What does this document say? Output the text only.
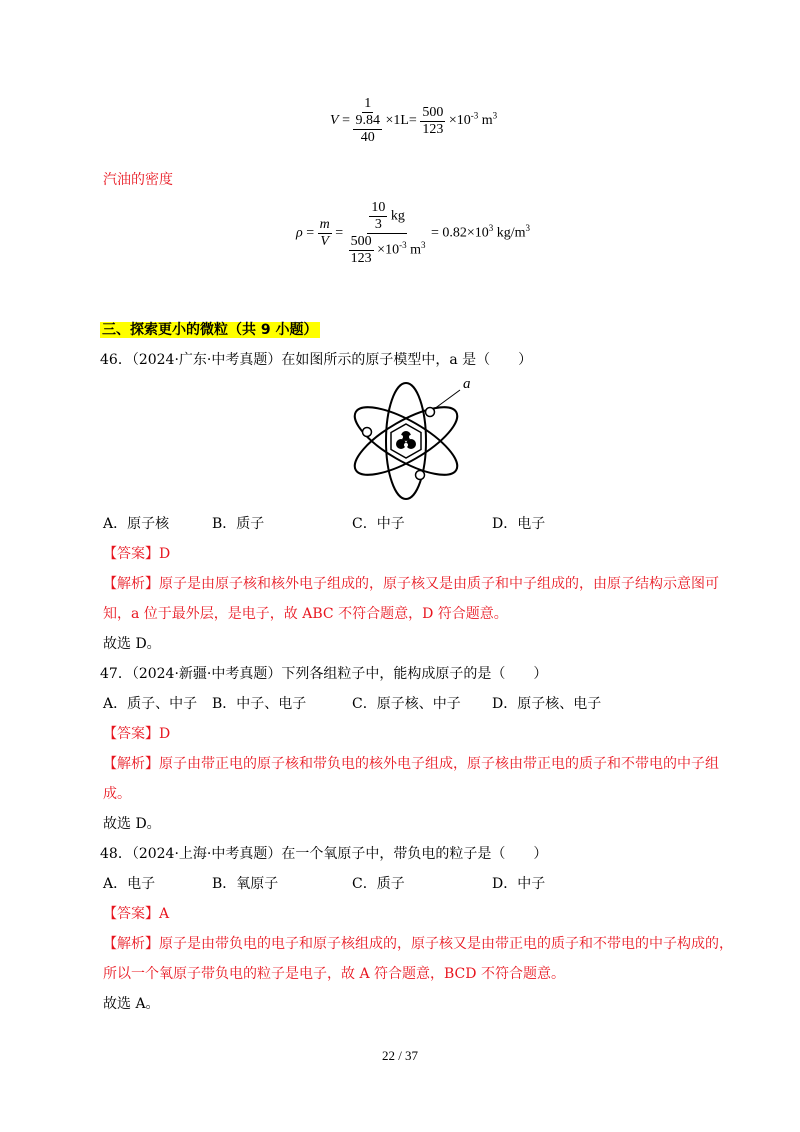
$V = \frac{1}{\frac{9.84}{40}} \times 1L= \frac{500}{123} \times 10^{-3}$ $m^3$
汽油的密度
$\rho = \frac{m}{V} = \frac{\frac{10}{3} kg}{\frac{500}{123} \times 10^{-3} m^3} = 0.82\times 10^3$ $kg/m^3$
三、探索更小的微粒（共 9 小题）
46．（2024·广东·中考真题）在如图所示的原子模型中，a 是（　　）
a
A．原子核	B．质子	C．中子	D．电子
【答案】D
【解析】原子是由原子核和核外电子组成的，原子核又是由质子和中子组成的，由原子结构示意图可
知，a 位于最外层，是电子，故 ABC 不符合题意，D 符合题意。
故选 D。
47．（2024·新疆·中考真题）下列各组粒子中，能构成原子的是（　　）
A．质子、中子 B．中子、电子	C．原子核、中子 D．原子核、电子
【答案】D
【解析】原子由带正电的原子核和带负电的核外电子组成，原子核由带正电的质子和不带电的中子组
成。
故选 D。
48．（2024·上海·中考真题）在一个氧原子中，带负电的粒子是（　　）
A．电子	B．氧原子	C．质子	D．中子
【答案】A
【解析】原子是由带负电的电子和原子核组成的，原子核又是由带正电的质子和不带电的中子构成的，
所以一个氧原子带负电的粒子是电子，故 A 符合题意，BCD 不符合题意。
故选 A。
22 / 37
